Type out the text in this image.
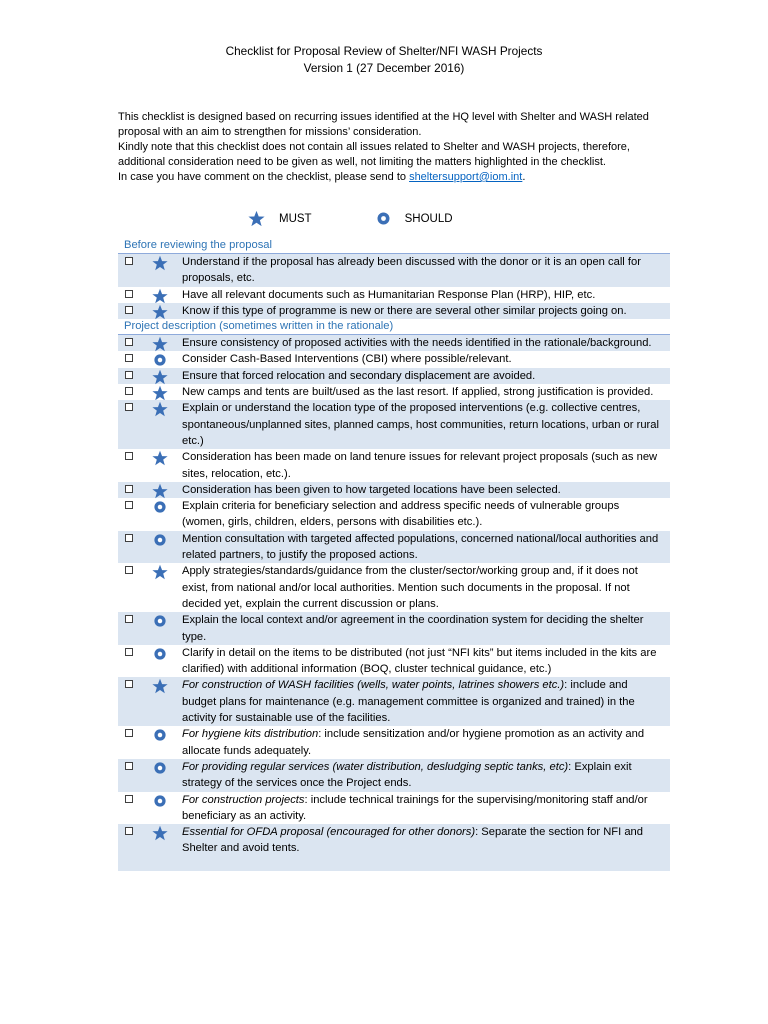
Checklist for Proposal Review of Shelter/NFI WASH Projects
Version 1 (27 December 2016)

This checklist is designed based on recurring issues identified at the HQ level with Shelter and WASH related proposal with an aim to strengthen for missions’ consideration.

Kindly note that this checklist does not contain all issues related to Shelter and WASH projects, therefore, additional consideration need to be given as well, not limiting the matters highlighted in the checklist.

In case you have comment on the checklist, please send to sheltersupport@iom.int.

MUST	SHOULD
Before reviewing the proposal
Understand if the proposal has already been discussed with the donor or it is an open call for proposals, etc.
Have all relevant documents such as Humanitarian Response Plan (HRP), HIP, etc.
Know if this type of programme is new or there are several other similar projects going on.
Project description (sometimes written in the rationale)
Ensure consistency of proposed activities with the needs identified in the rationale/background.
Consider Cash-Based Interventions (CBI) where possible/relevant.
Ensure that forced relocation and secondary displacement are avoided.
New camps and tents are built/used as the last resort. If applied, strong justification is provided.
Explain or understand the location type of the proposed interventions (e.g. collective centres, spontaneous/unplanned sites, planned camps, host communities, return locations, urban or rural etc.)
Consideration has been made on land tenure issues for relevant project proposals (such as new sites, relocation, etc.).
Consideration has been given to how targeted locations have been selected.
Explain criteria for beneficiary selection and address specific needs of vulnerable groups (women, girls, children, elders, persons with disabilities etc.).
Mention consultation with targeted affected populations, concerned national/local authorities and related partners, to justify the proposed actions.
Apply strategies/standards/guidance from the cluster/sector/working group and, if it does not exist, from national and/or local authorities. Mention such documents in the proposal. If not decided yet, explain the current discussion or plans.
Explain the local context and/or agreement in the coordination system for deciding the shelter type.
Clarify in detail on the items to be distributed (not just “NFI kits” but items included in the kits are clarified) with additional information (BOQ, cluster technical guidance, etc.)
For construction of WASH facilities (wells, water points, latrines showers etc.): include and budget plans for maintenance (e.g. management committee is organized and trained) in the activity for sustainable use of the facilities.
For hygiene kits distribution: include sensitization and/or hygiene promotion as an activity and allocate funds adequately.
For providing regular services (water distribution, desludging septic tanks, etc): Explain exit strategy of the services once the Project ends.
For construction projects: include technical trainings for the supervising/monitoring staff and/or beneficiary as an activity.
Essential for OFDA proposal (encouraged for other donors): Separate the section for NFI and Shelter and avoid tents.
